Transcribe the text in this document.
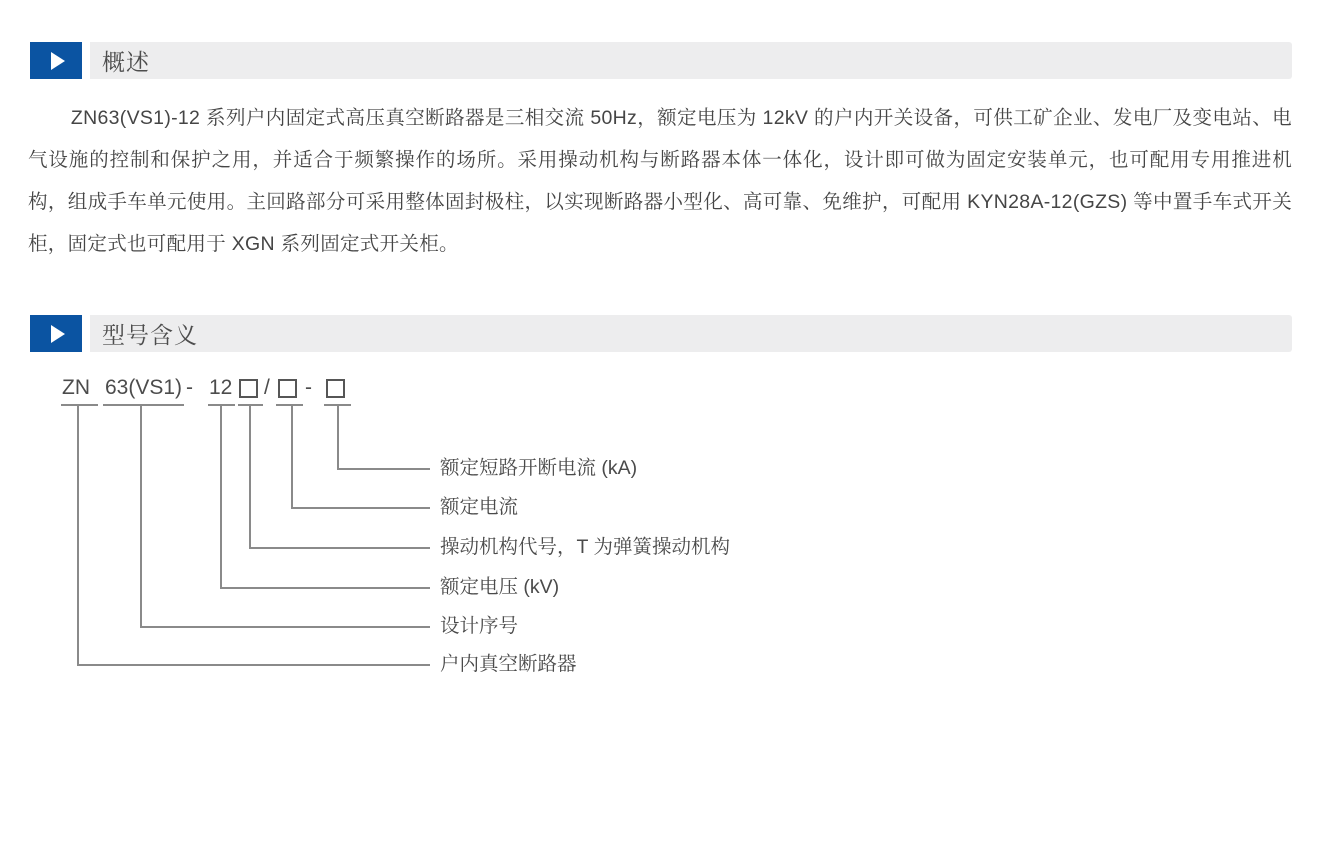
概述

ZN63(VS1)-12 系列户内固定式高压真空断路器是三相交流 50Hz，额定电压为 12kV 的户内开关设备，可供工矿企业、发电厂及变电站、电气设施的控制和保护之用，并适合于频繁操作的场所。采用操动机构与断路器本体一体化，设计即可做为固定安装单元，也可配用专用推进机构，组成手车单元使用。主回路部分可采用整体固封极柱，以实现断路器小型化、高可靠、免维护，可配用 KYN28A-12(GZS) 等中置手车式开关柜，固定式也可配用于 XGN 系列固定式开关柜。

型号含义
ZN 63(VS1) - 12 / -
额定短路开断电流 (kA)
额定电流
操动机构代号，T 为弹簧操动机构
额定电压 (kV)
设计序号
户内真空断路器
